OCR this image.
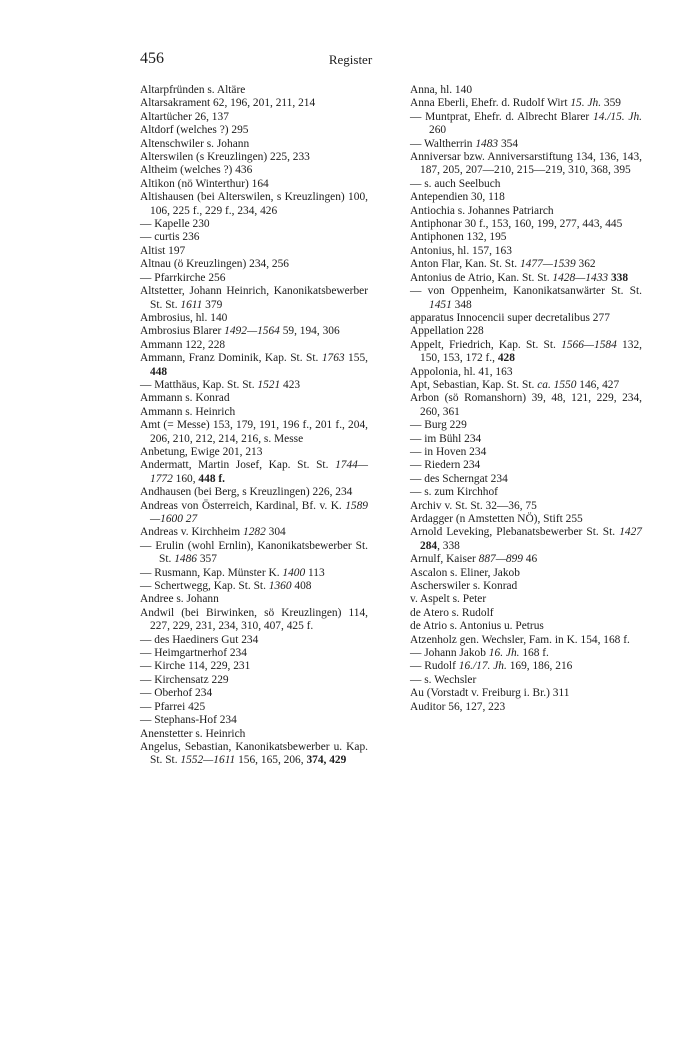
456	Register
Altarpfründen s. Altäre
Altarsakrament 62, 196, 201, 211, 214
Altartücher 26, 137
Altdorf (welches ?) 295
Altenschwiler s. Johann
Alterswilen (s Kreuzlingen) 225, 233
Altheim (welches ?) 436
Altikon (nö Winterthur) 164
Altishausen (bei Alterswilen, s Kreuzlingen) 100, 106, 225 f., 229 f., 234, 426
— Kapelle 230
— curtis 236
Altist 197
Altnau (ö Kreuzlingen) 234, 256
— Pfarrkirche 256
Altstetter, Johann Heinrich, Kanonikatsbewerber St. St. 1611 379
Ambrosius, hl. 140
Ambrosius Blarer 1492—1564 59, 194, 306
Ammann 122, 228
Ammann, Franz Dominik, Kap. St. St. 1763 155, 448
— Matthäus, Kap. St. St. 1521 423
Ammann s. Konrad
Ammann s. Heinrich
Amt (= Messe) 153, 179, 191, 196 f., 201 f., 204, 206, 210, 212, 214, 216, s. Messe
Anbetung, Ewige 201, 213
Andermatt, Martin Josef, Kap. St. St. 1744—1772 160, 448 f.
Andhausen (bei Berg, s Kreuzlingen) 226, 234
Andreas von Österreich, Kardinal, Bf. v. K. 1589—1600 27
Andreas v. Kirchheim 1282 304
— Erulin (wohl Ernlin), Kanonikatsbewerber St. St. 1486 357
— Rusmann, Kap. Münster K. 1400 113
— Schertwegg, Kap. St. St. 1360 408
Andree s. Johann
Andwil (bei Birwinken, sö Kreuzlingen) 114, 227, 229, 231, 234, 310, 407, 425 f.
— des Haediners Gut 234
— Heimgartnerhof 234
— Kirche 114, 229, 231
— Kirchensatz 229
— Oberhof 234
— Pfarrei 425
— Stephans-Hof 234
Anenstetter s. Heinrich
Angelus, Sebastian, Kanonikatsbewerber u. Kap. St. St. 1552—1611 156, 165, 206, 374, 429
Anna, hl. 140
Anna Eberli, Ehefr. d. Rudolf Wirt 15. Jh. 359
— Muntprat, Ehefr. d. Albrecht Blarer 14./15. Jh. 260
— Waltherrin 1483 354
Anniversar bzw. Anniversarstiftung 134, 136, 143, 187, 205, 207—210, 215—219, 310, 368, 395
— s. auch Seelbuch
Antependien 30, 118
Antiochia s. Johannes Patriarch
Antiphonar 30 f., 153, 160, 199, 277, 443, 445
Antiphonen 132, 195
Antonius, hl. 157, 163
Anton Flar, Kan. St. St. 1477—1539 362
Antonius de Atrio, Kan. St. St. 1428—1433 338
— von Oppenheim, Kanonikatsanwärter St. St. 1451 348
apparatus Innocencii super decretalibus 277
Appellation 228
Appelt, Friedrich, Kap. St. St. 1566—1584 132, 150, 153, 172 f., 428
Appolonia, hl. 41, 163
Apt, Sebastian, Kap. St. St. ca. 1550 146, 427
Arbon (sö Romanshorn) 39, 48, 121, 229, 234, 260, 361
— Burg 229
— im Bühl 234
— in Hoven 234
— Riedern 234
— des Scherngat 234
— s. zum Kirchhof
Archiv v. St. St. 32—36, 75
Ardagger (n Amstetten NÖ), Stift 255
Arnold Leveking, Plebanatsbewerber St. St. 1427 284, 338
Arnulf, Kaiser 887—899 46
Ascalon s. Eliner, Jakob
Ascherswiler s. Konrad
v. Aspelt s. Peter
de Atero s. Rudolf
de Atrio s. Antonius u. Petrus
Atzenholz gen. Wechsler, Fam. in K. 154, 168 f.
— Johann Jakob 16. Jh. 168 f.
— Rudolf 16./17. Jh. 169, 186, 216
— s. Wechsler
Au (Vorstadt v. Freiburg i. Br.) 311
Auditor 56, 127, 223
